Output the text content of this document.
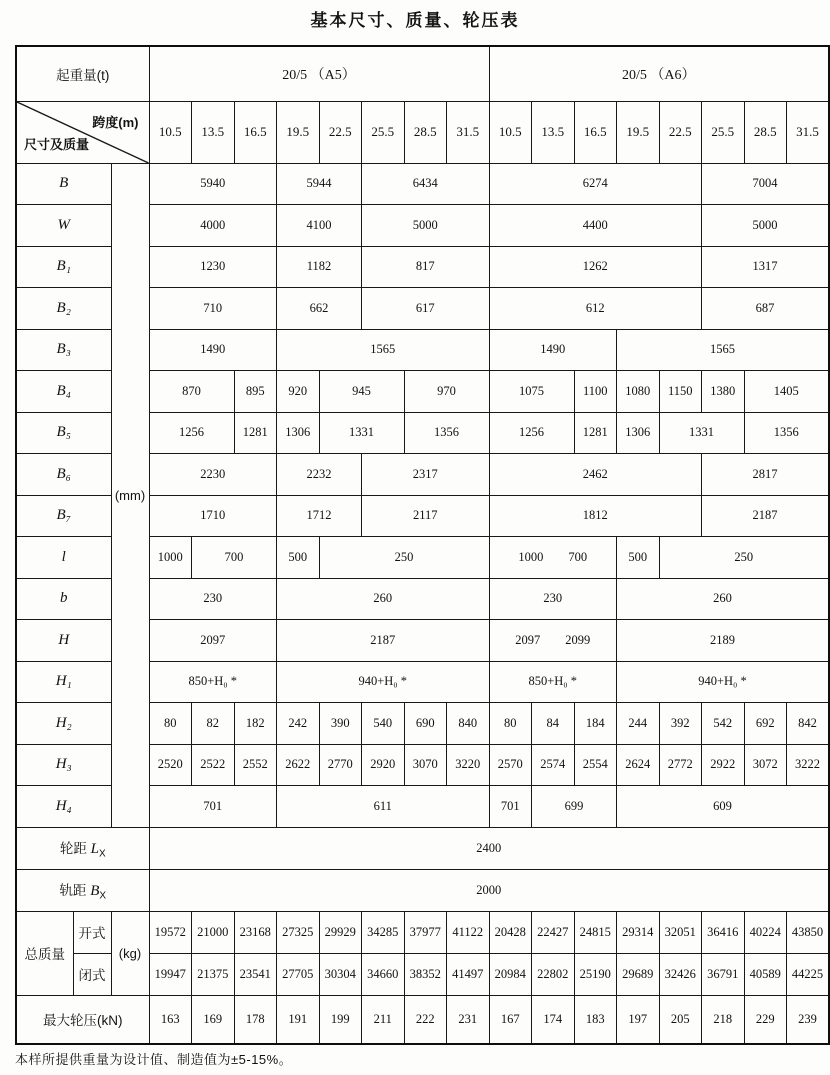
基本尺寸、质量、轮压表
起重量(t)			20/5 （A5）								20/5 （A6）							

跨度(m)
尺寸及质量			10.5	13.5	16.5	19.5	22.5	25.5	28.5	31.5	10.5	13.5	16.5	19.5	22.5	25.5	28.5	31.5
B		(mm)	5940			5944		6434			6274					7004		
W			4000			4100		5000			4400					5000		
B₁			1230			1182		817			1262					1317		
B₂			710			662		617			612					687		
B₃			1490			1565					1490			1565				
B₄			870		895	920	945		970		1075		1100	1080	1150	1380	1405	
B₅			1256		1281	1306	1331		1356		1256		1281	1306	1331		1356	
B₆			2230			2232		2317			2462					2817		
B₇			1710			1712		2117			1812					2187		
l			1000	700		500	250				1000  700			500	250			
b			230			260					230			260				
H			2097			2187					2097  2099			2189				
H₁			850+H₀ *			940+H₀ *					850+H₀ *			940+H₀ *				
H₂			80	82	182	242	390	540	690	840	80	84	184	244	392	542	692	842
H₃			2520	2522	2552	2622	2770	2920	3070	3220	2570	2574	2554	2624	2772	2922	3072	3222
H₄			701			611					701	699		609				
轮距 $L_X$			2400															
轨距 $B_X$			2000															
总质量	开式	(kg)	19572	21000	23168	27325	29929	34285	37977	41122	20428	22427	24815	29314	32051	36416	40224	43850
	闭式		19947	21375	23541	27705	30304	34660	38352	41497	20984	22802	25190	29689	32426	36791	40589	44225
最大轮压(kN)			163	169	178	191	199	211	222	231	167	174	183	197	205	218	229	239
本样所提供重量为设计值、制造值为±5-15%。
